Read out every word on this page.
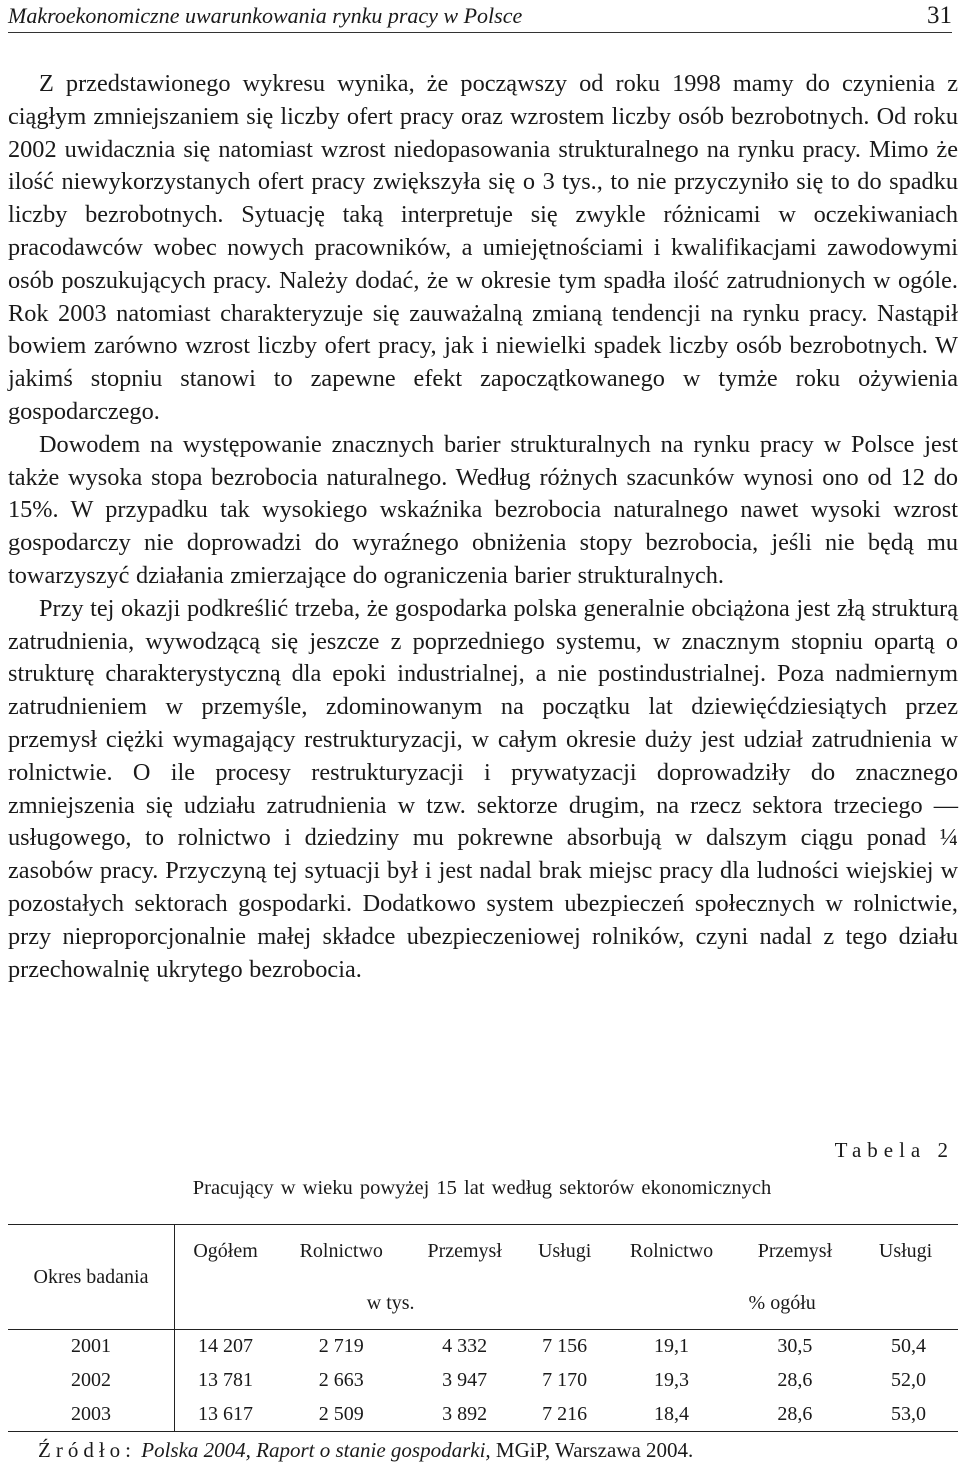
Makroekonomiczne uwarunkowania rynku pracy w Polsce	31

Z przedstawionego wykresu wynika, że począwszy od roku 1998 mamy do czynienia z ciągłym zmniejszaniem się liczby ofert pracy oraz wzrostem liczby osób bezrobotnych. Od roku 2002 uwidacznia się natomiast wzrost niedopasowania strukturalnego na rynku pracy. Mimo że ilość niewykorzystanych ofert pracy zwiększyła się o 3 tys., to nie przyczyniło się to do spadku liczby bezrobotnych. Sytuację taką interpretuje się zwykle różnicami w oczekiwaniach pracodawców wobec nowych pracowników, a umiejętnościami i kwalifikacjami zawodowymi osób poszukujących pracy. Należy dodać, że w okresie tym spadła ilość zatrudnionych w ogóle. Rok 2003 natomiast charakteryzuje się zauważalną zmianą tendencji na rynku pracy. Nastąpił bowiem zarówno wzrost liczby ofert pracy, jak i niewielki spadek liczby osób bezrobotnych. W jakimś stopniu stanowi to zapewne efekt zapoczątkowanego w tymże roku ożywienia gospodarczego.

Dowodem na występowanie znacznych barier strukturalnych na rynku pracy w Polsce jest także wysoka stopa bezrobocia naturalnego. Według różnych szacunków wynosi ono od 12 do 15%. W przypadku tak wysokiego wskaźnika bezrobocia naturalnego nawet wysoki wzrost gospodarczy nie doprowadzi do wyraźnego obniżenia stopy bezrobocia, jeśli nie będą mu towarzyszyć działania zmierzające do ograniczenia barier strukturalnych.

Przy tej okazji podkreślić trzeba, że gospodarka polska generalnie obciążona jest złą strukturą zatrudnienia, wywodzącą się jeszcze z poprzedniego systemu, w znacznym stopniu opartą o strukturę charakterystyczną dla epoki industrialnej, a nie postindustrialnej. Poza nadmiernym zatrudnieniem w przemyśle, zdominowanym na początku lat dziewięćdziesiątych przez przemysł ciężki wymagający restrukturyzacji, w całym okresie duży jest udział zatrudnienia w rolnictwie. O ile procesy restrukturyzacji i prywatyzacji doprowadziły do znacznego zmniejszenia się udziału zatrudnienia w tzw. sektorze drugim, na rzecz sektora trzeciego — usługowego, to rolnictwo i dziedziny mu pokrewne absorbują w dalszym ciągu ponad ¼ zasobów pracy. Przyczyną tej sytuacji był i jest nadal brak miejsc pracy dla ludności wiejskiej w pozostałych sektorach gospodarki. Dodatkowo system ubezpieczeń społecznych w rolnictwie, przy nieproporcjonalnie małej składce ubezpieczeniowej rolników, czyni nadal z tego działu przechowalnię ukrytego bezrobocia.

Tabela 2
Pracujący w wieku powyżej 15 lat według sektorów ekonomicznych
Okres badania	Ogółem	Rolnictwo	Przemysł	Usługi	Rolnictwo	Przemysł	Usługi
	w tys.				% ogółu		
2001	14 207	2 719	4 332	7 156	19,1	30,5	50,4
2002	13 781	2 663	3 947	7 170	19,3	28,6	52,0
2003	13 617	2 509	3 892	7 216	18,4	28,6	53,0
Źródło: Polska 2004, Raport o stanie gospodarki, MGiP, Warszawa 2004.
